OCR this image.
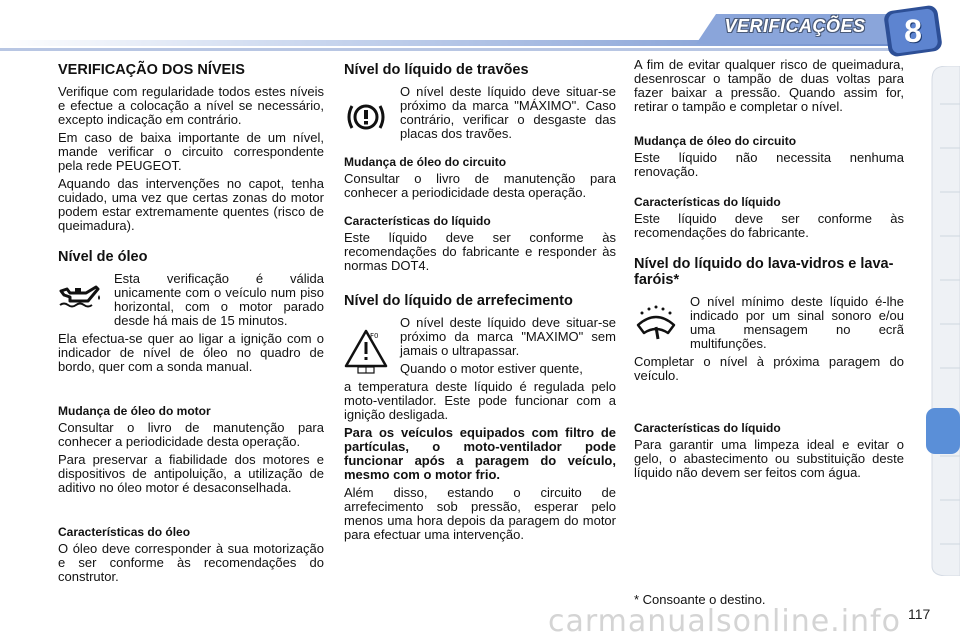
VERIFICAÇÕES	8
VERIFICAÇÃO DOS NÍVEIS

Verifique com regularidade todos estes níveis e efectue a colocação a nível se necessário, excepto indicação em contrário.

Em caso de baixa importante de um nível, mande verificar o circuito correspondente pela rede PEUGEOT.

Aquando das intervenções no capot, tenha cuidado, uma vez que certas zonas do motor podem estar extremamente quentes (risco de queimadura).

Nível de óleo

Esta verificação é válida unicamente com o veículo num piso horizontal, com o motor parado desde há mais de 15 minutos.

Ela efectua-se quer ao ligar a ignição com o indicador de nível de óleo no quadro de bordo, quer com a sonda manual.

Mudança de óleo do motor

Consultar o livro de manutenção para conhecer a periodicidade desta operação.

Para preservar a fiabilidade dos motores e dispositivos de antipoluição, a utilização de aditivo no óleo motor é desaconselhada.

Características do óleo

O óleo deve corresponder à sua motorização e ser conforme às recomendações do construtor.

Nível do líquido de travões

O nível deste líquido deve situar-se próximo da marca "MÁXIMO". Caso contrário, verificar o desgaste das placas dos travões.

Mudança de óleo do circuito

Consultar o livro de manutenção para conhecer a periodicidade desta operação.

Características do líquido

Este líquido deve ser conforme às recomendações do fabricante e responder às normas DOT4.

Nível do líquido de arrefecimento
F0

O nível deste líquido deve situar-se próximo da marca "MAXIMO" sem jamais o ultrapassar.

Quando o motor estiver quente,

a temperatura deste líquido é regulada pelo moto-ventilador. Este pode funcionar com a ignição desligada.

Para os veículos equipados com filtro de partículas, o moto-ventilador pode funcionar após a paragem do veículo, mesmo com o motor frio.

Além disso, estando o circuito de arrefecimento sob pressão, esperar pelo menos uma hora depois da paragem do motor para efectuar uma intervenção.

A fim de evitar qualquer risco de queimadura, desenroscar o tampão de duas voltas para fazer baixar a pressão. Quando assim for, retirar o tampão e completar o nível.

Mudança de óleo do circuito

Este líquido não necessita nenhuma renovação.

Características do líquido

Este líquido deve ser conforme às recomendações do fabricante.

Nível do líquido do lava-vidros e lava-faróis*

O nível mínimo deste líquido é-lhe indicado por um sinal sonoro e/ou uma mensagem no ecrã multifunções.

Completar o nível à próxima paragem do veículo.

Características do líquido

Para garantir uma limpeza ideal e evitar o gelo, o abastecimento ou substituição deste líquido não devem ser feitos com água.

* Consoante o destino.
carmanualsonline.info 117
